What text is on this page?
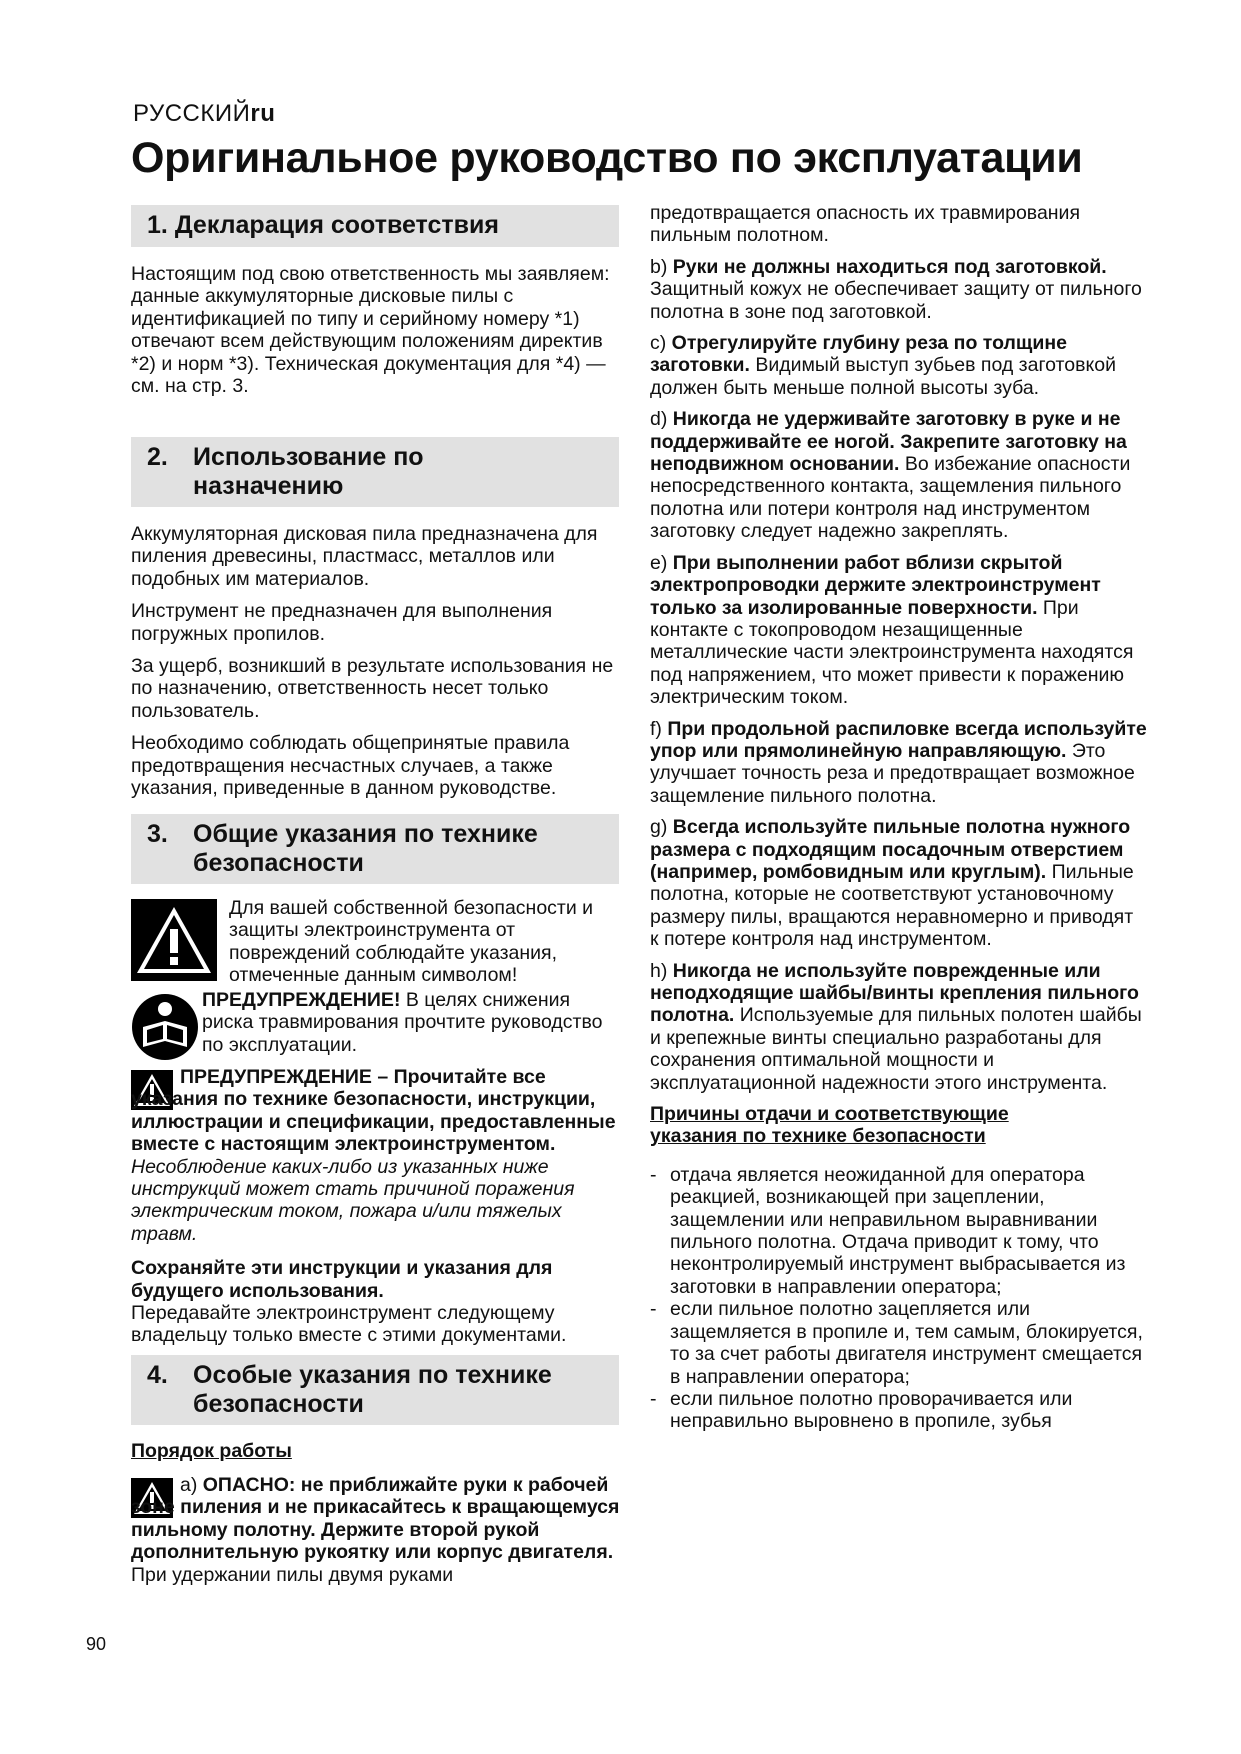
РУССКИЙru
Оригинальное руководство по эксплуатации
1. Декларация соответствия

Настоящим под свою ответственность мы заявляем: данные аккумуляторные дисковые пилы с идентификацией по типу и серийному номеру *1) отвечают всем действующим положениям директив *2) и норм *3). Техническая документация для *4) — см. на стр. 3.

2. Использование по
назначению

Аккумуляторная дисковая пила предназначена для пиления древесины, пластмасс, металлов или подобных им материалов.

Инструмент не предназначен для выполнения погружных пропилов.

За ущерб, возникший в результате использования не по назначению, ответственность несет только пользователь.

Необходимо соблюдать общепринятые правила предотвращения несчастных случаев, а также указания, приведенные в данном руководстве.

3. Общие указания по технике
безопасности

Для вашей собственной безопасности и защиты электроинструмента от повреждений соблюдайте указания, отмеченные данным символом!

ПРЕДУПРЕЖДЕНИЕ! В целях снижения риска травмирования прочтите руководство по эксплуатации.

ПРЕДУПРЕЖДЕНИЕ – Прочитайте все указания по технике безопасности, инструкции, иллюстрации и спецификации, предоставленные вместе с настоящим электроинструментом. Несоблюдение каких-либо из указанных ниже инструкций может стать причиной поражения электрическим током, пожара и/или тяжелых травм.

Сохраняйте эти инструкции и указания для будущего использования.
Передавайте электроинструмент следующему владельцу только вместе с этими документами.

4. Особые указания по технике
безопасности
Порядок работы

a) ОПАСНО: не приближайте руки к рабочей зоне пиления и не прикасайтесь к вращающемуся пильному полотну. Держите второй рукой дополнительную рукоятку или корпус двигателя. При удержании пилы двумя руками

90

предотвращается опасность их травмирования пильным полотном.

b) Руки не должны находиться под заготовкой. Защитный кожух не обеспечивает защиту от пильного полотна в зоне под заготовкой.

c) Отрегулируйте глубину реза по толщине заготовки. Видимый выступ зубьев под заготовкой должен быть меньше полной высоты зуба.

d) Никогда не удерживайте заготовку в руке и не поддерживайте ее ногой. Закрепите заготовку на неподвижном основании. Во избежание опасности непосредственного контакта, защемления пильного полотна или потери контроля над инструментом заготовку следует надежно закреплять.

e) При выполнении работ вблизи скрытой электропроводки держите электроинструмент только за изолированные поверхности. При контакте с токопроводом незащищенные металлические части электроинструмента находятся под напряжением, что может привести к поражению электрическим током.

f) При продольной распиловке всегда используйте упор или прямолинейную направляющую. Это улучшает точность реза и предотвращает возможное защемление пильного полотна.

g) Всегда используйте пильные полотна нужного размера с подходящим посадочным отверстием (например, ромбовидным или круглым). Пильные полотна, которые не соответствуют установочному размеру пилы, вращаются неравномерно и приводят к потере контроля над инструментом.

h) Никогда не используйте поврежденные или неподходящие шайбы/винты крепления пильного полотна. Используемые для пильных полотен шайбы и крепежные винты специально разработаны для сохранения оптимальной мощности и эксплуатационной надежности этого инструмента.

Причины отдачи и соответствующие указания по технике безопасности

- отдача является неожиданной для оператора реакцией, возникающей при зацеплении, защемлении или неправильном выравнивании пильного полотна. Отдача приводит к тому, что неконтролируемый инструмент выбрасывается из заготовки в направлении оператора;

- если пильное полотно зацепляется или защемляется в пропиле и, тем самым, блокируется, то за счет работы двигателя инструмент смещается в направлении оператора;

- если пильное полотно проворачивается или неправильно выровнено в пропиле, зубья
